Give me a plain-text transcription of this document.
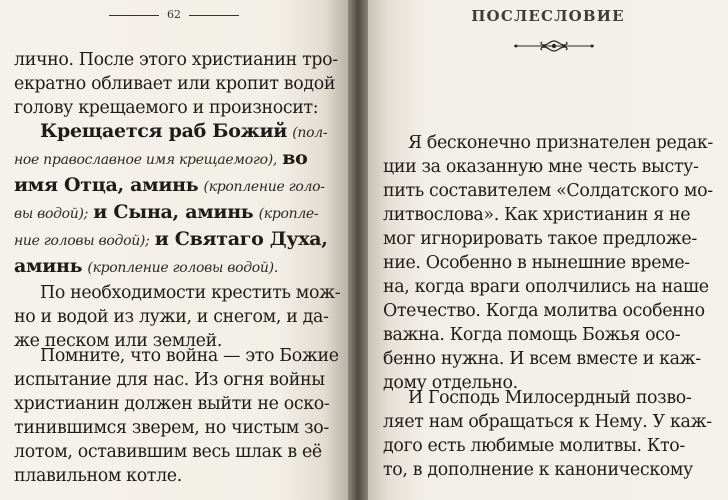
62

лично. После этого христианин тро-
екратно обливает или кропит водой
голову крещаемого и произносит:

Крещается раб Божий (пол-
ное православное имя крещаемого), во
имя Отца, аминь (кропление голо-
вы водой); и Сына, аминь (кропле-
ние головы водой); и Святаго Духа,
аминь (кропление головы водой).

По необходимости крестить мож-
но и водой из лужи, и снегом, и да-
же песком или землей.

Помните, что война — это Божие
испытание для нас. Из огня войны
христианин должен выйти не оско-
тинившимся зверем, но чистым зо-
лотом, оставившим весь шлак в её
плавильном котле.

ПОСЛЕСЛОВИЕ

Я бесконечно признателен редак-
ции за оказанную мне честь высту-
пить составителем «Солдатского мо-
литвослова». Как христианин я не
мог игнорировать такое предложе-
ние. Особенно в нынешние време-
на, когда враги ополчились на наше
Отечество. Когда молитва особенно
важна. Когда помощь Божья осо-
бенно нужна. И всем вместе и каж-
дому отдельно.

И Господь Милосердный позво-
ляет нам обращаться к Нему. У каж-
дого есть любимые молитвы. Кто-
то, в дополнение к каноническому
